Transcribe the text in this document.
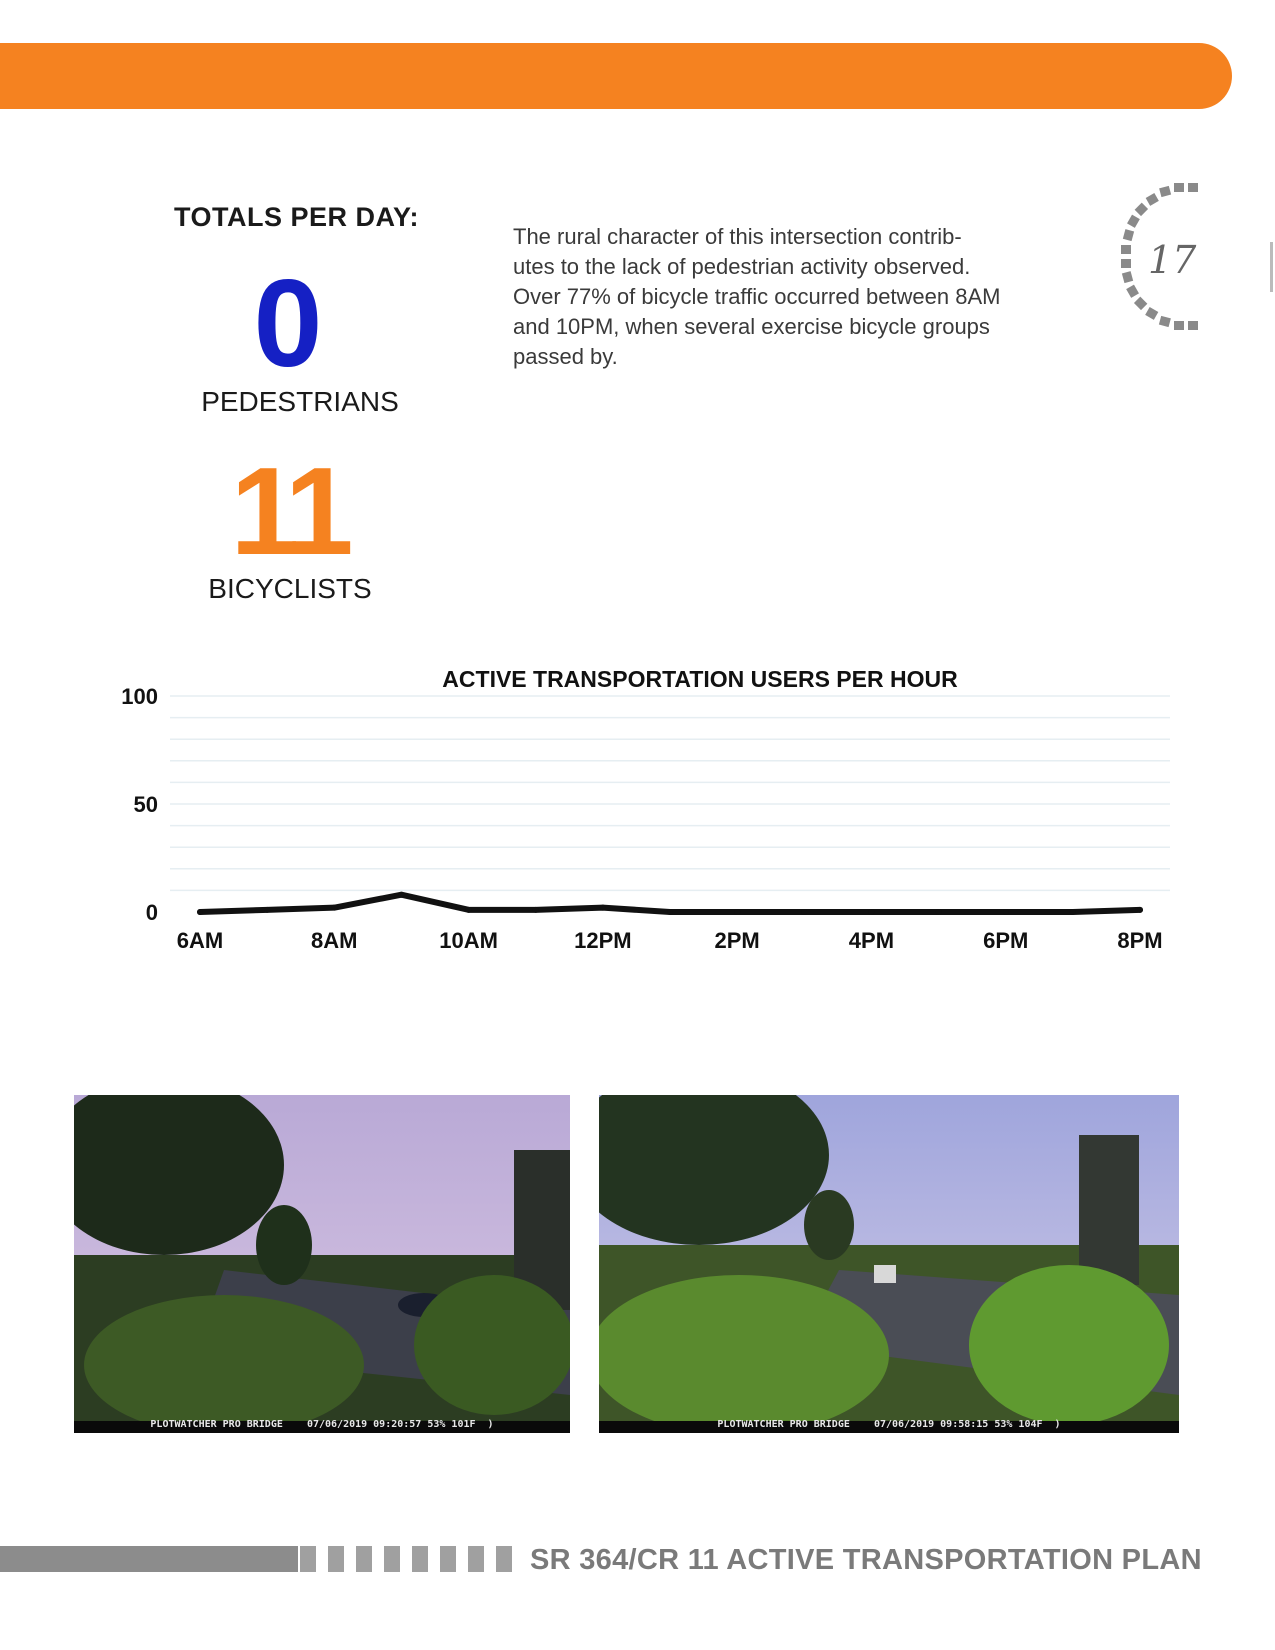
TOTALS PER DAY:
0
PEDESTRIANS
11
BICYCLISTS
The rural character of this intersection contrib-utes to the lack of pedestrian activity observed. Over 77% of bicycle traffic occurred between 8AM and 10PM, when several exercise bicycle groups passed by.
17
ACTIVE TRANSPORTATION USERS PER HOUR
0
50
100
6AM	8AM	10AM	12PM	2PM	4PM	6PM	8PM
PLOTWATCHER PRO BRIDGE    07/06/2019 09:20:57 53% 101F  )	PLOTWATCHER PRO BRIDGE    07/06/2019 09:58:15 53% 104F  )
SR 364/CR 11 ACTIVE TRANSPORTATION PLAN
